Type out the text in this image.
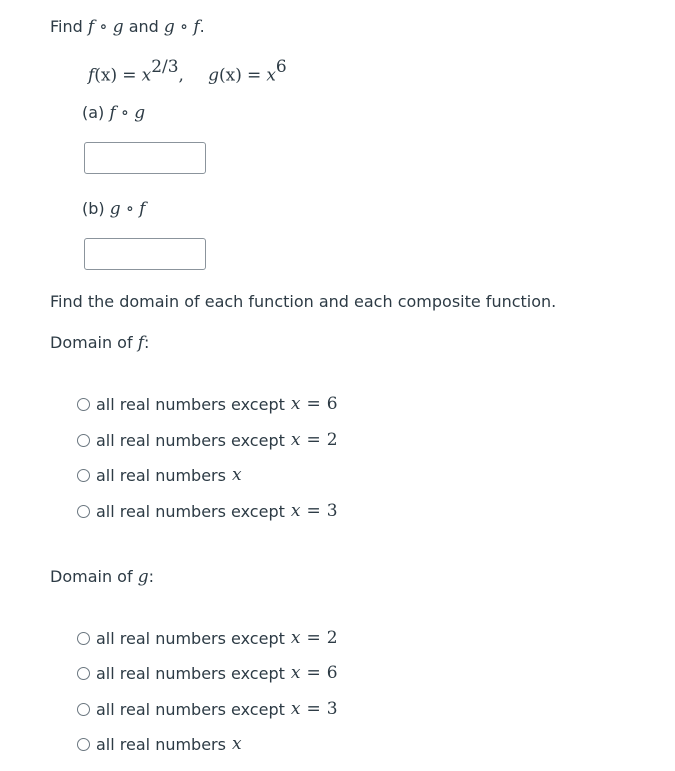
Find f ∘ g and g ∘ f.
$f(x) = x^{2/3}$, $g(x) = x^6$
(a) f ∘ g
(b) g ∘ f
Find the domain of each function and each composite function.
Domain of f:
all real numbers except x = 6
all real numbers except x = 2
all real numbers x
all real numbers except x = 3
Domain of g:
all real numbers except x = 2
all real numbers except x = 6
all real numbers except x = 3
all real numbers x
